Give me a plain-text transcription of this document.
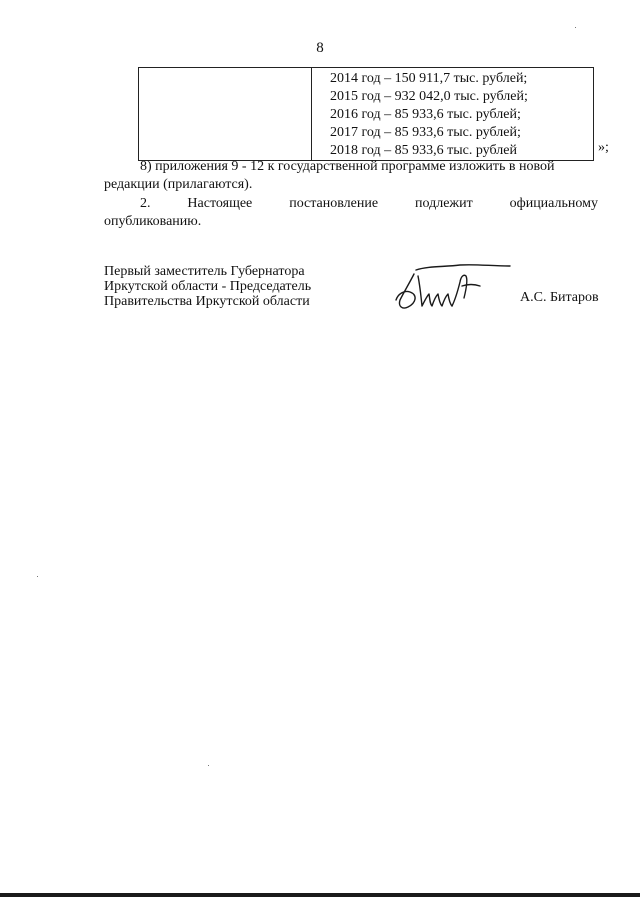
8

2014 год – 150 911,7 тыс. рублей;
2015 год – 932 042,0 тыс. рублей;
2016 год – 85 933,6 тыс. рублей;
2017 год – 85 933,6 тыс. рублей;
2018 год – 85 933,6 тыс. рублей	»;
8) приложения 9 - 12 к государственной программе изложить в новой
редакции (прилагаются).
2.	Настоящее	постановление	подлежит	официальному
опубликованию.
Первый заместитель Губернатора
Иркутской области - Председатель
Правительства Иркутской области	А.С. Битаров
